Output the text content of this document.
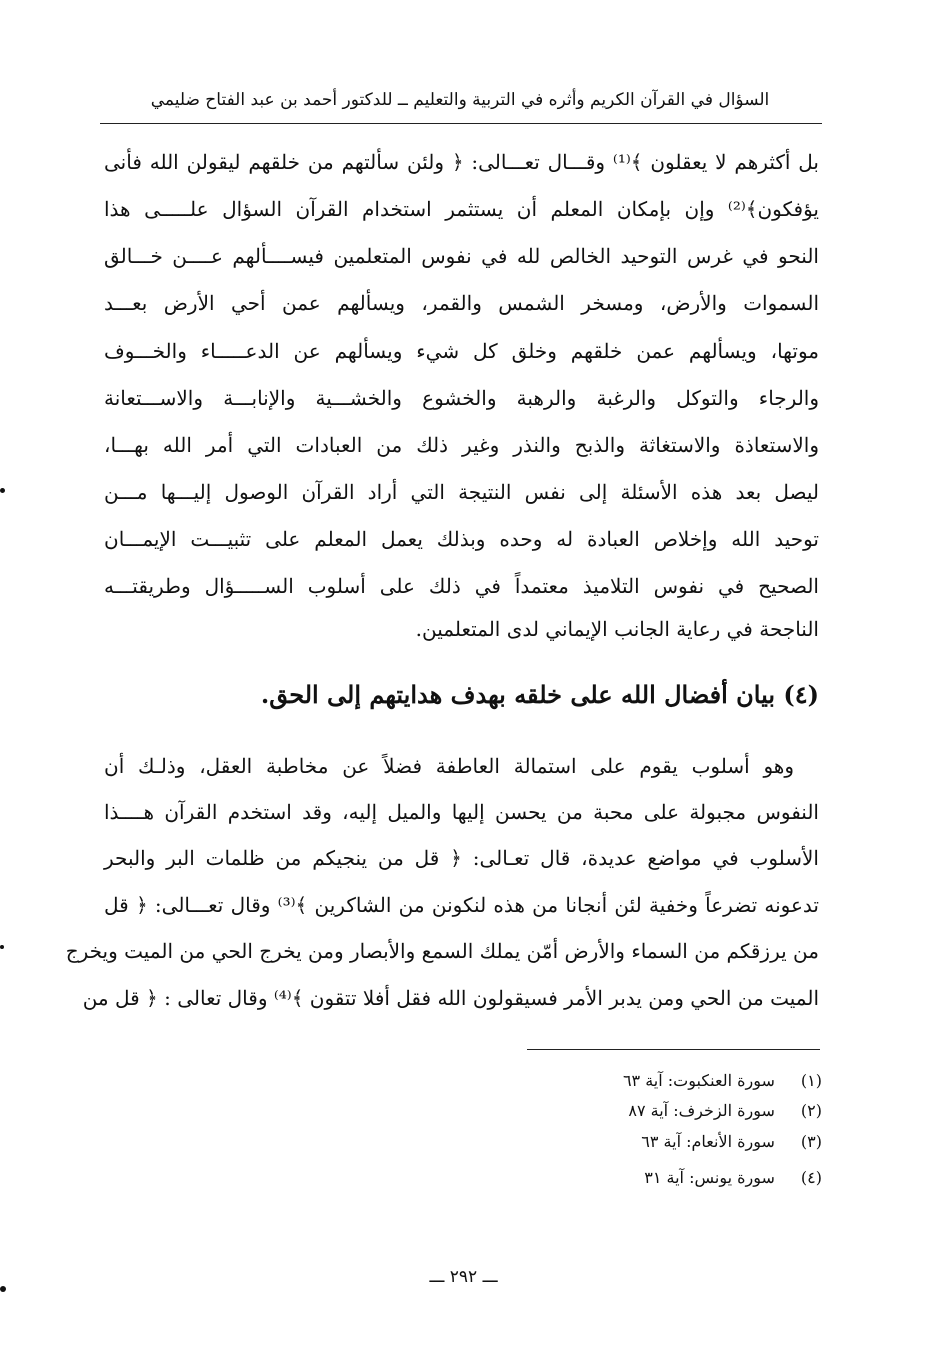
السؤال في القرآن الكريم وأثره في التربية والتعليم ــ للدكتور أحمد بن عبد الفتاح ضليمي
بل أكثرهم لا يعقلون ﴾⁽¹⁾ وقـــال تعـــالى: ﴿ ولئن سألتهم من خلقهم ليقولن الله فأنى
يؤفكون﴾⁽²⁾ وإن بإمكان المعلم أن يستثمر استخدام القرآن السؤال علـــــى هذا
النحو في غرس التوحيد الخالص لله في نفوس المتعلمين فيســــألهم عــــن خـــالق
السموات والأرض، ومسخر الشمس والقمر، ويسألهم عمن أحي الأرض بعـــد
موتها، ويسألهم عمن خلقهم وخلق كل شيء ويسألهم عن الدعـــــاء والخـــوف
والرجاء والتوكل والرغبة والرهبة والخشوع والخشـــية والإنابـــة والاســـتعانة
والاستعاذة والاستغاثة والذبح والنذر وغير ذلك من العبادات التي أمر الله بهـــا،
ليصل بعد هذه الأسئلة إلى نفس النتيجة التي أراد القرآن الوصول إليـــها مـــن
توحيد الله وإخلاص العبادة له وحده وبذلك يعمل المعلم على تثبيـــت الإيمـــان
الصحيح في نفوس التلاميذ معتمداً في ذلك على أسلوب الســـــؤال وطريقتـــه
الناجحة في رعاية الجانب الإيماني لدى المتعلمين.
(٤) بيان أفضال الله على خلقه بهدف هدايتهم إلى الحق.
وهو أسلوب يقوم على استمالة العاطفة فضلاً عن مخاطبة العقل، وذلـك أن
النفوس مجبولة على محبة من يحسن إليها والميل إليه، وقد استخدم القرآن هــــذا
الأسلوب في مواضع عديدة، قال تعـالى: ﴿ قل من ينجيكم من ظلمات البر والبحر
تدعونه تضرعاً وخفية لئن أنجانا من هذه لنكونن من الشاكرين ﴾⁽³⁾ وقال تعـــالى: ﴿ قل
من يرزقكم من السماء والأرض أمّن يملك السمع والأبصار ومن يخرج الحي من الميت ويخرج
الميت من الحي ومن يدبر الأمر فسيقولون الله فقل أفلا تتقون ﴾⁽⁴⁾ وقال تعالى : ﴿ قل من
(١) سورة العنكبوت: آية ٦٣
(٢) سورة الزخرف: آية ٨٧
(٣) سورة الأنعام: آية ٦٣
(٤) سورة يونس: آية ٣١
ـــ ٢٩٢ ـــ
